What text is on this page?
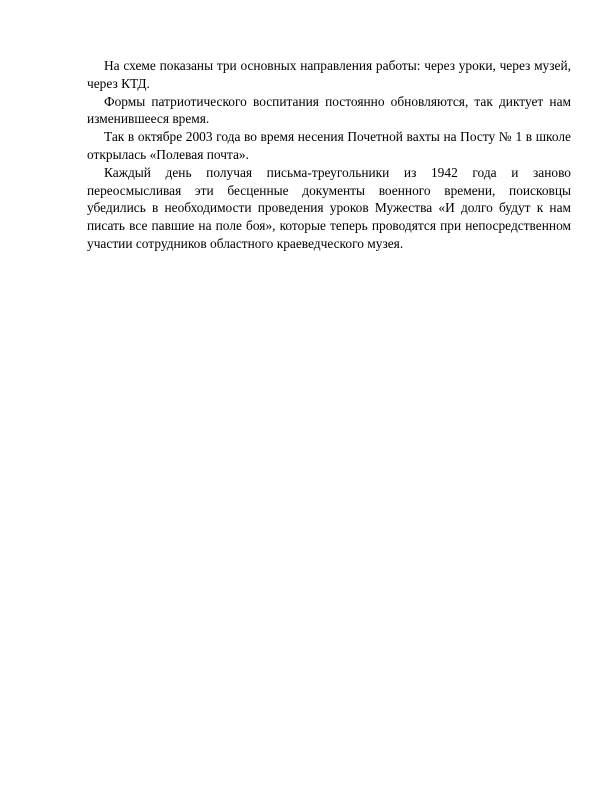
На схеме показаны три основных направления работы: через уроки, через музей, через КТД.

Формы патриотического воспитания постоянно обновляются, так диктует нам изменившееся время.

Так в октябре 2003 года во время несения Почетной вахты на Посту № 1 в школе открылась «Полевая почта».

Каждый день получая письма-треугольники из 1942 года и заново переосмысливая эти бесценные документы военного времени, поисковцы убедились в необходимости проведения уроков Мужества «И долго будут к нам писать все павшие на поле боя», которые теперь проводятся при непосредственном участии сотрудников областного краеведческого музея.
